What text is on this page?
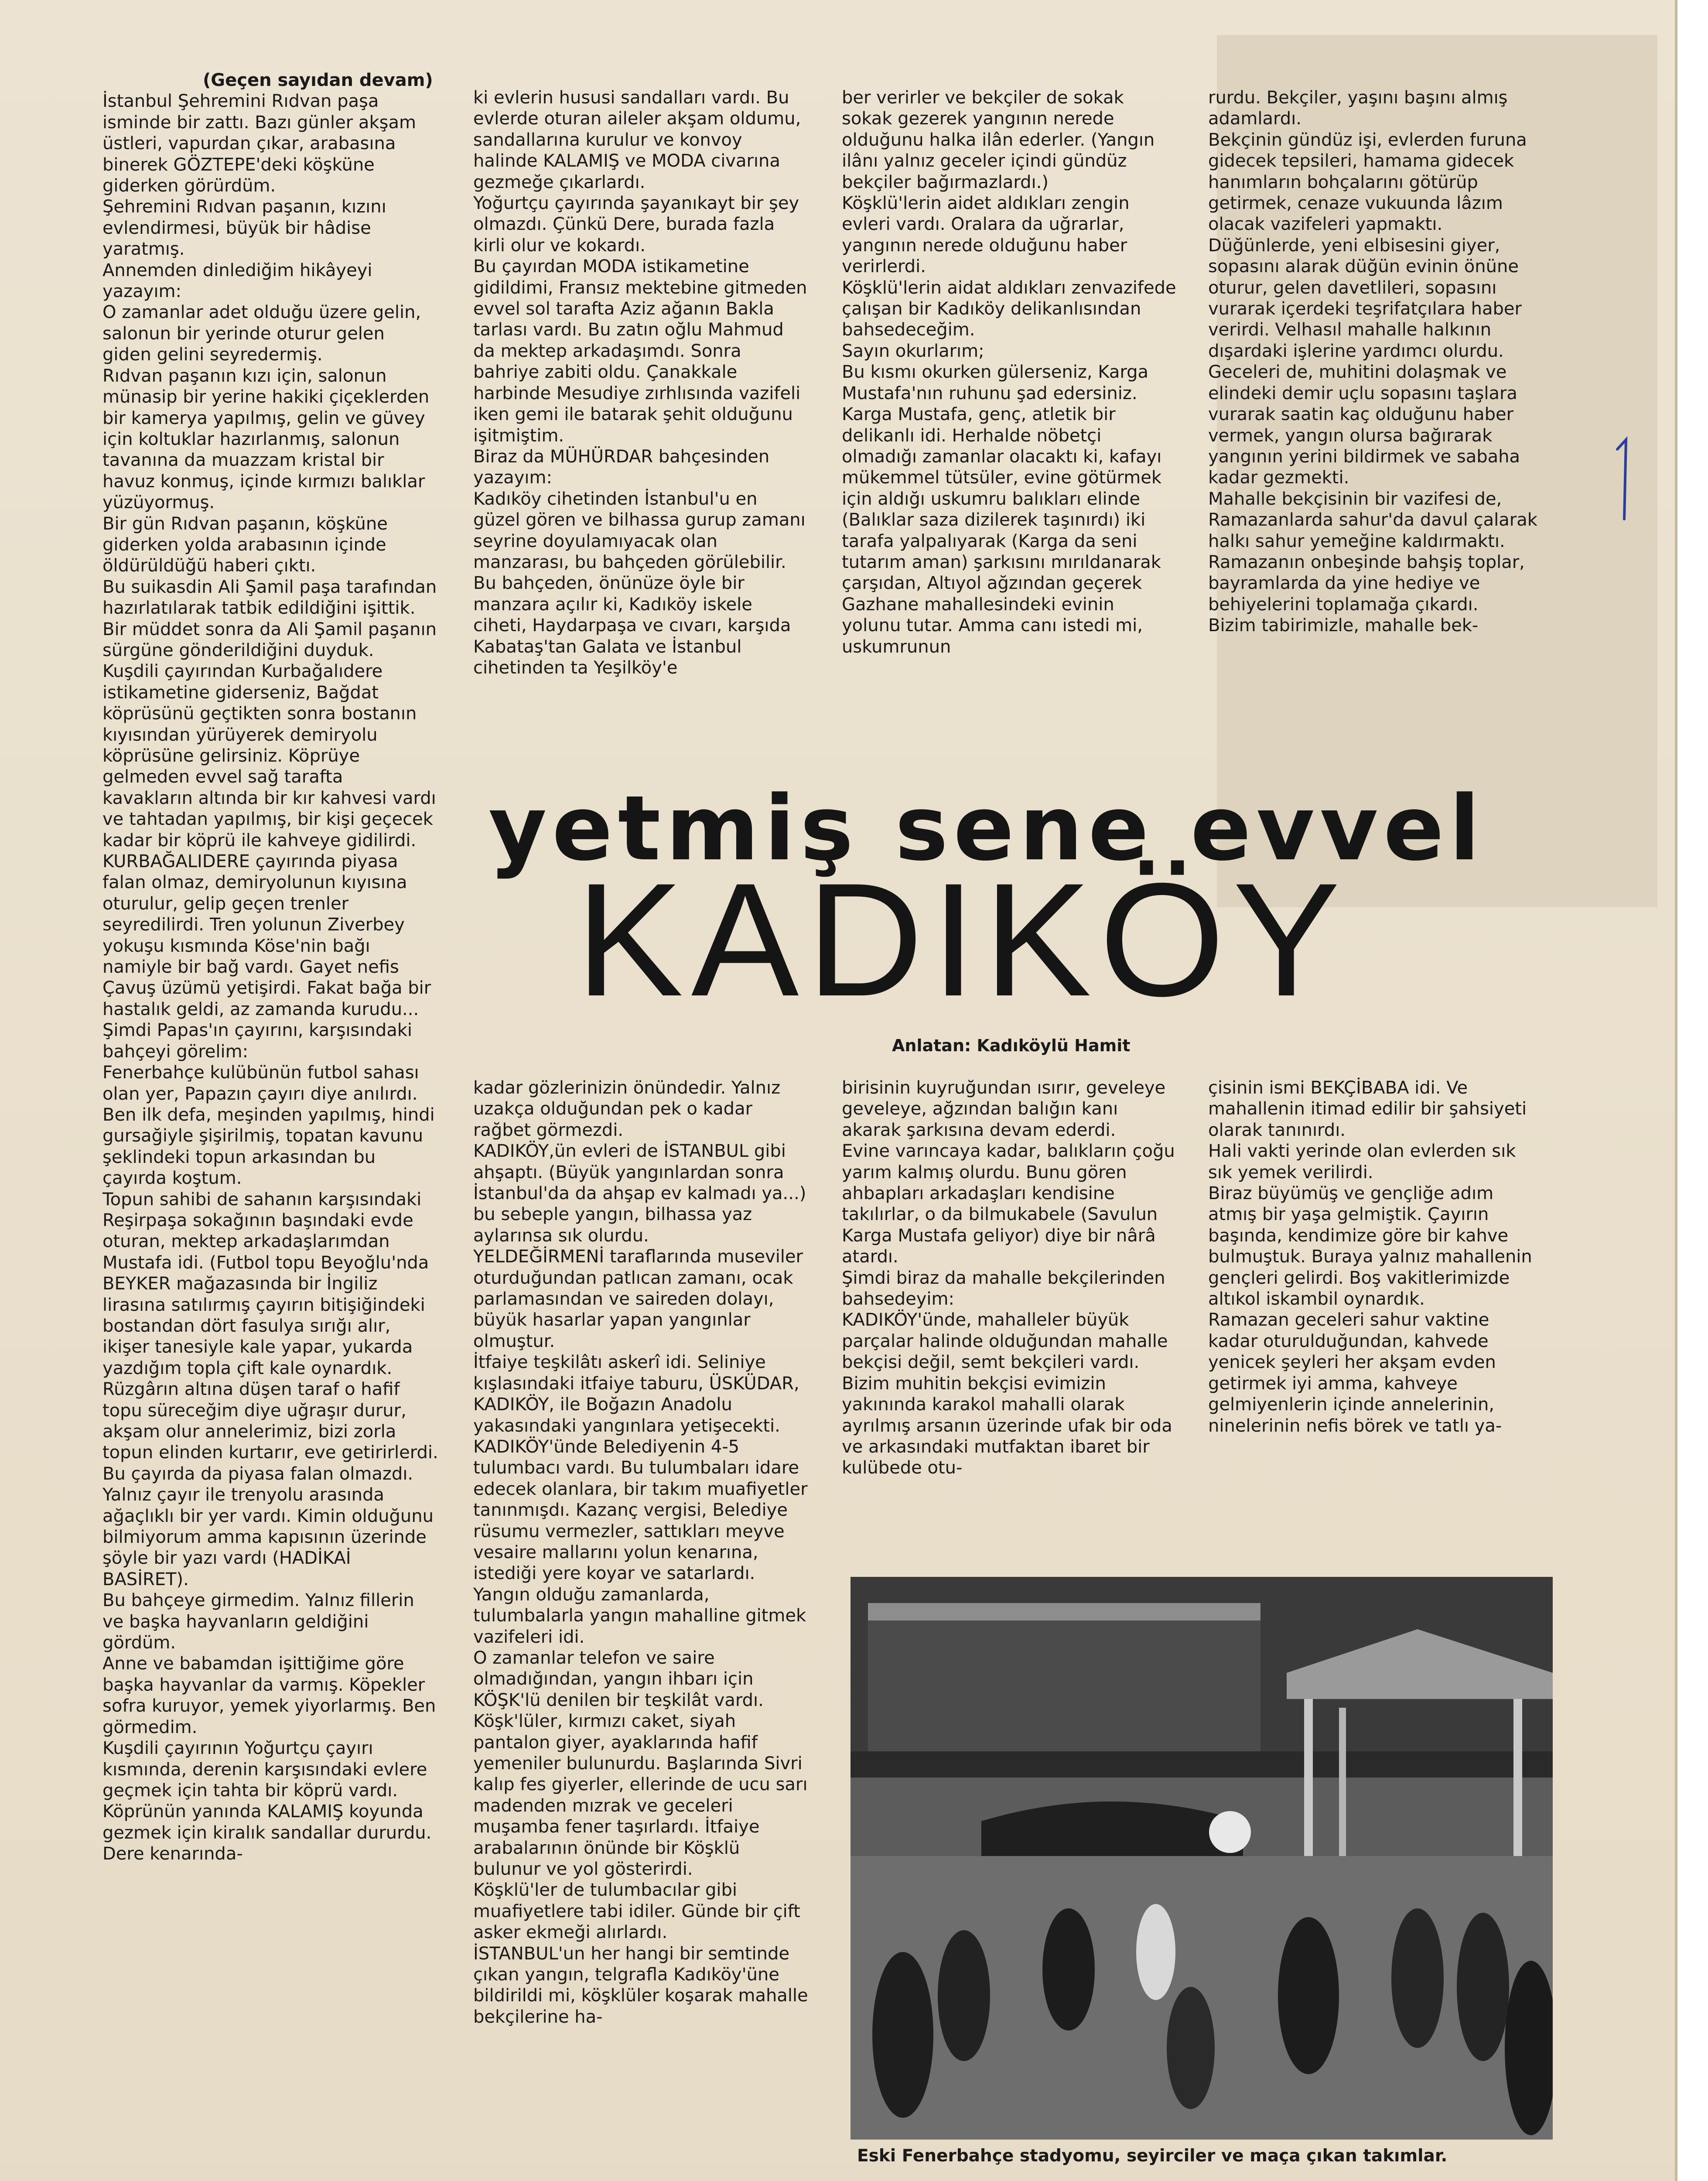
(Geçen sayıdan devam)

İstanbul Şehremini Rıdvan paşa isminde bir zattı. Bazı günler akşam üstleri, vapurdan çıkar, arabasına binerek GÖZTEPE'deki köşküne giderken görürdüm.

Şehremini Rıdvan paşanın, kızını evlendirmesi, büyük bir hâdise yaratmış.

Annemden dinlediğim hikâyeyi yazayım:

O zamanlar adet olduğu üzere gelin, salonun bir yerinde oturur gelen giden gelini seyredermiş.

Rıdvan paşanın kızı için, salonun münasip bir yerine hakiki çiçeklerden bir kamerya yapılmış, gelin ve güvey için koltuklar hazırlanmış, salonun tavanına da muazzam kristal bir havuz konmuş, içinde kırmızı balıklar yüzüyormuş.

Bir gün Rıdvan paşanın, köşküne giderken yolda arabasının içinde öldürüldüğü haberi çıktı.

Bu suikasdin Ali Şamil paşa tarafından hazırlatılarak tatbik edildiğini işittik. Bir müddet sonra da Ali Şamil paşanın sürgüne gönderildiğini duyduk.

Kuşdili çayırından Kurbağalıdere istikametine giderseniz, Bağdat köprüsünü geçtikten sonra bostanın kıyısından yürüyerek demiryolu köprüsüne gelirsiniz. Köprüye gelmeden evvel sağ tarafta kavakların altında bir kır kahvesi vardı ve tahtadan yapılmış, bir kişi geçecek kadar bir köprü ile kahveye gidilirdi.

KURBAĞALIDERE çayırında piyasa falan olmaz, demiryolunun kıyısına oturulur, gelip geçen trenler seyredilirdi. Tren yolunun Ziverbey yokuşu kısmında Köse'nin bağı namiyle bir bağ vardı. Gayet nefis Çavuş üzümü yetişirdi. Fakat bağa bir hastalık geldi, az zamanda kurudu...

Şimdi Papas'ın çayırını, karşısındaki bahçeyi görelim:

Fenerbahçe kulübünün futbol sahası olan yer, Papazın çayırı diye anılırdı. Ben ilk defa, meşinden yapılmış, hindi gursağiyle şişirilmiş, topatan kavunu şeklindeki topun arkasından bu çayırda koştum.

Topun sahibi de sahanın karşısındaki Reşirpaşa sokağının başındaki evde oturan, mektep arkadaşlarımdan Mustafa idi. (Futbol topu Beyoğlu'nda BEYKER mağazasında bir İngiliz lirasına satılırmış çayırın bitişiğindeki bostandan dört fasulya sırığı alır, ikişer tanesiyle kale yapar, yukarda yazdığım topla çift kale oynardık.

Rüzgârın altına düşen taraf o hafif topu süreceğim diye uğraşır durur, akşam olur annelerimiz, bizi zorla topun elinden kurtarır, eve getirirlerdi.

Bu çayırda da piyasa falan olmazdı. Yalnız çayır ile trenyolu arasında ağaçlıklı bir yer vardı. Kimin olduğunu bilmiyorum amma kapısının üzerinde şöyle bir yazı vardı (HADİKAİ BASİRET).

Bu bahçeye girmedim. Yalnız fillerin ve başka hayvanların geldiğini gördüm.

Anne ve babamdan işittiğime göre başka hayvanlar da varmış. Köpekler sofra kuruyor, yemek yiyorlarmış. Ben görmedim.

Kuşdili çayırının Yoğurtçu çayırı kısmında, derenin karşısındaki evlere geçmek için tahta bir köprü vardı. Köprünün yanında KALAMIŞ koyunda gezmek için kiralık sandallar dururdu. Dere kenarında-

ki evlerin hususi sandalları vardı. Bu evlerde oturan aileler akşam oldumu, sandallarına kurulur ve konvoy halinde KALAMIŞ ve MODA civarına gezmeğe çıkarlardı.

Yoğurtçu çayırında şayanıkayt bir şey olmazdı. Çünkü Dere, burada fazla kirli olur ve kokardı.

Bu çayırdan MODA istikametine gidildimi, Fransız mektebine gitmeden evvel sol tarafta Aziz ağanın Bakla tarlası vardı. Bu zatın oğlu Mahmud da mektep arkadaşımdı. Sonra bahriye zabiti oldu. Çanakkale harbinde Mesudiye zırhlısında vazifeli iken gemi ile batarak şehit olduğunu işitmiştim.

Biraz da MÜHÜRDAR bahçesinden yazayım:

Kadıköy cihetinden İstanbul'u en güzel gören ve bilhassa gurup zamanı seyrine doyulamıyacak olan manzarası, bu bahçeden görülebilir. Bu bahçeden, önünüze öyle bir manzara açılır ki, Kadıköy iskele ciheti, Haydarpaşa ve cıvarı, karşıda Kabataş'tan Galata ve İstanbul cihetinden ta Yeşilköy'e

ber verirler ve bekçiler de sokak sokak gezerek yangının nerede olduğunu halka ilân ederler. (Yangın ilânı yalnız geceler içindi gündüz bekçiler bağırmazlardı.)

Köşklü'lerin aidet aldıkları zengin evleri vardı. Oralara da uğrarlar, yangının nerede olduğunu haber verirlerdi.

Köşklü'lerin aidat aldıkları zenvazifede çalışan bir Kadıköy delikanlısından bahsedeceğim.

Sayın okurlarım;

Bu kısmı okurken gülerseniz, Karga Mustafa'nın ruhunu şad edersiniz.

Karga Mustafa, genç, atletik bir delikanlı idi. Herhalde nöbetçi olmadığı zamanlar olacaktı ki, kafayı mükemmel tütsüler, evine götürmek için aldığı uskumru balıkları elinde (Balıklar saza dizilerek taşınırdı) iki tarafa yalpalıyarak (Karga da seni tutarım aman) şarkısını mırıldanarak çarşıdan, Altıyol ağzından geçerek Gazhane mahallesindeki evinin yolunu tutar. Amma canı istedi mi, uskumrunun

rurdu. Bekçiler, yaşını başını almış adamlardı.

Bekçinin gündüz işi, evlerden furuna gidecek tepsileri, hamama gidecek hanımların bohçalarını götürüp getirmek, cenaze vukuunda lâzım olacak vazifeleri yapmaktı.

Düğünlerde, yeni elbisesini giyer, sopasını alarak düğün evinin önüne oturur, gelen davetlileri, sopasını vurarak içerdeki teşrifatçılara haber verirdi. Velhasıl mahalle halkının dışardaki işlerine yardımcı olurdu.

Geceleri de, muhitini dolaşmak ve elindeki demir uçlu sopasını taşlara vurarak saatin kaç olduğunu haber vermek, yangın olursa bağırarak yangının yerini bildirmek ve sabaha kadar gezmekti.

Mahalle bekçisinin bir vazifesi de, Ramazanlarda sahur'da davul çalarak halkı sahur yemeğine kaldırmaktı. Ramazanın onbeşinde bahşiş toplar, bayramlarda da yine hediye ve behiyelerini toplamağa çıkardı.

Bizim tabirimizle, mahalle bek-

yetmiş sene evvel
KADIKÖY
Anlatan: Kadıköylü Hamit

kadar gözlerinizin önündedir. Yalnız uzakça olduğundan pek o kadar rağbet görmezdi.

KADIKÖY,ün evleri de İSTANBUL gibi ahşaptı. (Büyük yangınlardan sonra İstanbul'da da ahşap ev kalmadı ya...) bu sebeple yangın, bilhassa yaz aylarınsa sık olurdu.

YELDEĞİRMENİ taraflarında museviler oturduğundan patlıcan zamanı, ocak parlamasından ve saireden dolayı, büyük hasarlar yapan yangınlar olmuştur.

İtfaiye teşkilâtı askerî idi. Seliniye kışlasındaki itfaiye taburu, ÜSKÜDAR, KADIKÖY, ile Boğazın Anadolu yakasındaki yangınlara yetişecekti.

KADIKÖY'ünde Belediyenin 4-5 tulumbacı vardı. Bu tulumbaları idare edecek olanlara, bir takım muafiyetler tanınmışdı. Kazanç vergisi, Belediye rüsumu vermezler, sattıkları meyve vesaire mallarını yolun kenarına, istediği yere koyar ve satarlardı. Yangın olduğu zamanlarda, tulumbalarla yangın mahalline gitmek vazifeleri idi.

O zamanlar telefon ve saire olmadığından, yangın ihbarı için KÖŞK'lü denilen bir teşkilât vardı. Köşk'lüler, kırmızı caket, siyah pantalon giyer, ayaklarında hafif yemeniler bulunurdu. Başlarında Sivri kalıp fes giyerler, ellerinde de ucu sarı madenden mızrak ve geceleri muşamba fener taşırlardı. İtfaiye arabalarının önünde bir Köşklü bulunur ve yol gösterirdi.

Köşklü'ler de tulumbacılar gibi muafiyetlere tabi idiler. Günde bir çift asker ekmeği alırlardı.

İSTANBUL'un her hangi bir semtinde çıkan yangın, telgrafla Kadıköy'üne bildirildi mi, köşklüler koşarak mahalle bekçilerine ha-

birisinin kuyruğundan ısırır, geveleye geveleye, ağzından balığın kanı akarak şarkısına devam ederdi.

Evine varıncaya kadar, balıkların çoğu yarım kalmış olurdu. Bunu gören ahbapları arkadaşları kendisine takılırlar, o da bilmukabele (Savulun Karga Mustafa geliyor) diye bir nârâ atardı.

Şimdi biraz da mahalle bekçilerinden bahsedeyim:

KADIKÖY'ünde, mahalleler büyük parçalar halinde olduğundan mahalle bekçisi değil, semt bekçileri vardı. Bizim muhitin bekçisi evimizin yakınında karakol mahalli olarak ayrılmış arsanın üzerinde ufak bir oda ve arkasındaki mutfaktan ibaret bir kulübede otu-

çisinin ismi BEKÇİBABA idi. Ve mahallenin itimad edilir bir şahsiyeti olarak tanınırdı.

Hali vakti yerinde olan evlerden sık sık yemek verilirdi.

Biraz büyümüş ve gençliğe adım atmış bir yaşa gelmiştik. Çayırın başında, kendimize göre bir kahve bulmuştuk. Buraya yalnız mahallenin gençleri gelirdi. Boş vakitlerimizde altıkol iskambil oynardık.

Ramazan geceleri sahur vaktine kadar oturulduğundan, kahvede yenicek şeyleri her akşam evden getirmek iyi amma, kahveye gelmiyenlerin içinde annelerinin, ninelerinin nefis börek ve tatlı ya-

Eski Fenerbahçe stadyomu, seyirciler ve maça çıkan takımlar.
